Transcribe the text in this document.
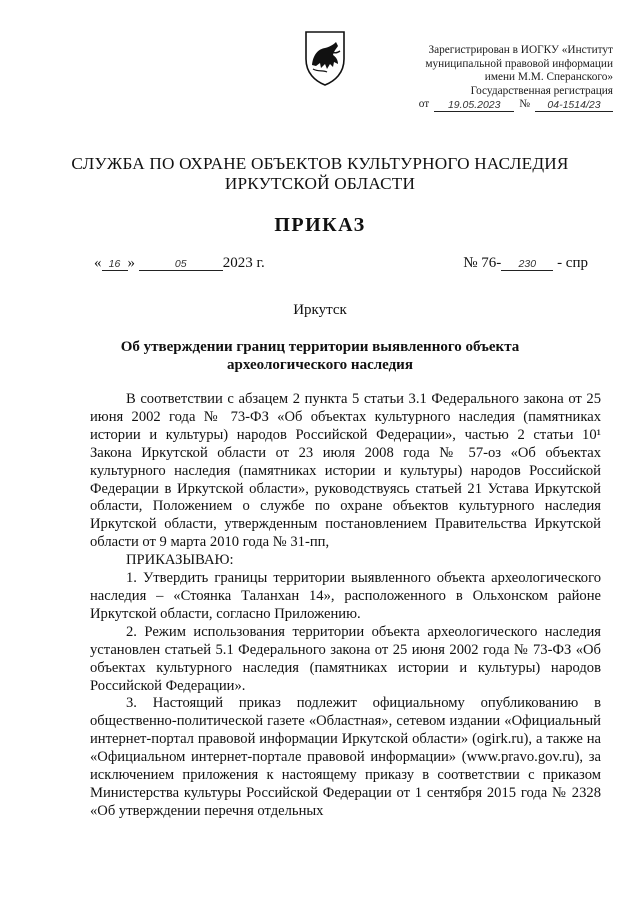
Зарегистрирован в ИОГКУ «Институт
муниципальной правовой информации
имени М.М. Сперанского»
Государственная регистрация
от	19.05.2023	№	04-1514/23
СЛУЖБА ПО ОХРАНЕ ОБЪЕКТОВ КУЛЬТУРНОГО НАСЛЕДИЯ
ИРКУТСКОЙ ОБЛАСТИ
ПРИКАЗ
« 16 »	05 2023 г.	№ 76- 230 - спр
Иркутск
Об утверждении границ территории выявленного объекта
археологического наследия

В соответствии с абзацем 2 пункта 5 статьи 3.1 Федерального закона от 25 июня 2002 года № 73-ФЗ «Об объектах культурного наследия (памятниках истории и культуры) народов Российской Федерации», частью 2 статьи 10¹ Закона Иркутской области от 23 июля 2008 года № 57-оз «Об объектах культурного наследия (памятниках истории и культуры) народов Российской Федерации в Иркутской области», руководствуясь статьей 21 Устава Иркутской области, Положением о службе по охране объектов культурного наследия Иркутской области, утвержденным постановлением Правительства Иркутской области от 9 марта 2010 года № 31-пп,

ПРИКАЗЫВАЮ:

1. Утвердить границы территории выявленного объекта археологического наследия – «Стоянка Таланхан 14», расположенного в Ольхонском районе Иркутской области, согласно Приложению.

2. Режим использования территории объекта археологического наследия установлен статьей 5.1 Федерального закона от 25 июня 2002 года № 73-ФЗ «Об объектах культурного наследия (памятниках истории и культуры) народов Российской Федерации».

3. Настоящий приказ подлежит официальному опубликованию в общественно-политической газете «Областная», сетевом издании «Официальный интернет-портал правовой информации Иркутской области» (ogirk.ru), а также на «Официальном интернет-портале правовой информации» (www.pravo.gov.ru), за исключением приложения к настоящему приказу в соответствии с приказом Министерства культуры Российской Федерации от 1 сентября 2015 года № 2328 «Об утверждении перечня отдельных
